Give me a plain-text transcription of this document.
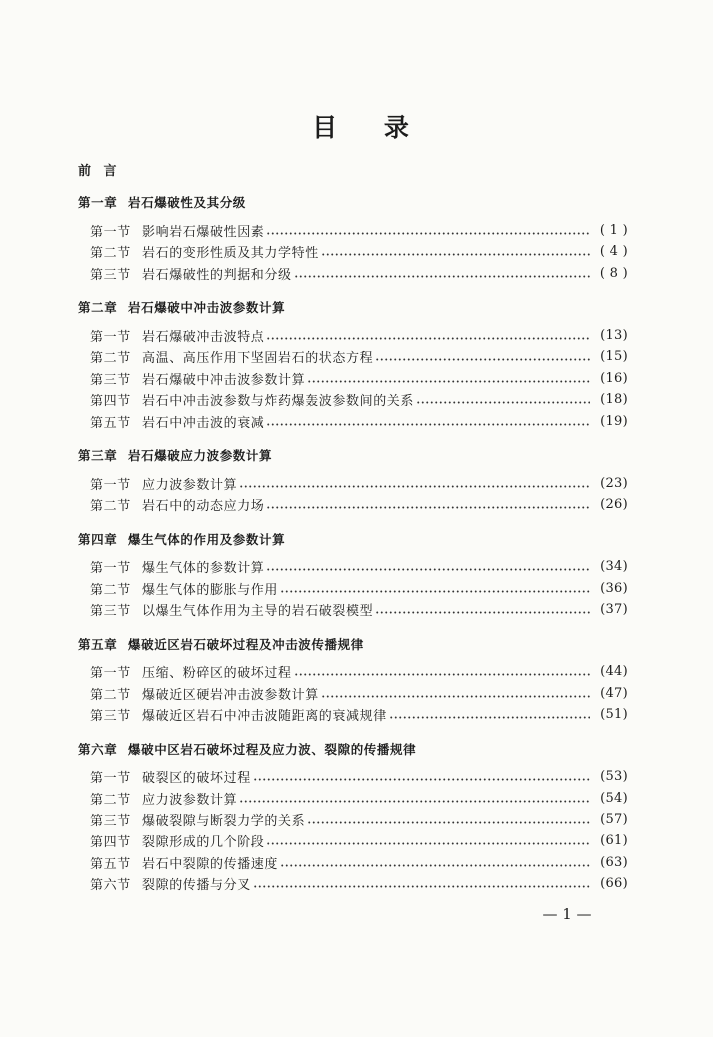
目 录
前 言
第一章 岩石爆破性及其分级
第一节 影响岩石爆破性因素	( 1 )
第二节 岩石的变形性质及其力学特性	( 4 )
第三节 岩石爆破性的判据和分级	( 8 )
第二章 岩石爆破中冲击波参数计算
第一节 岩石爆破冲击波特点	(13)
第二节 高温、高压作用下坚固岩石的状态方程	(15)
第三节 岩石爆破中冲击波参数计算	(16)
第四节 岩石中冲击波参数与炸药爆轰波参数间的关系	(18)
第五节 岩石中冲击波的衰减	(19)
第三章 岩石爆破应力波参数计算
第一节 应力波参数计算	(23)
第二节 岩石中的动态应力场	(26)
第四章 爆生气体的作用及参数计算
第一节 爆生气体的参数计算	(34)
第二节 爆生气体的膨胀与作用	(36)
第三节 以爆生气体作用为主导的岩石破裂模型	(37)
第五章 爆破近区岩石破坏过程及冲击波传播规律
第一节 压缩、粉碎区的破坏过程	(44)
第二节 爆破近区硬岩冲击波参数计算	(47)
第三节 爆破近区岩石中冲击波随距离的衰减规律	(51)
第六章 爆破中区岩石破坏过程及应力波、裂隙的传播规律
第一节 破裂区的破坏过程	(53)
第二节 应力波参数计算	(54)
第三节 爆破裂隙与断裂力学的关系	(57)
第四节 裂隙形成的几个阶段	(61)
第五节 岩石中裂隙的传播速度	(63)
第六节 裂隙的传播与分叉	(66)
— 1 —
